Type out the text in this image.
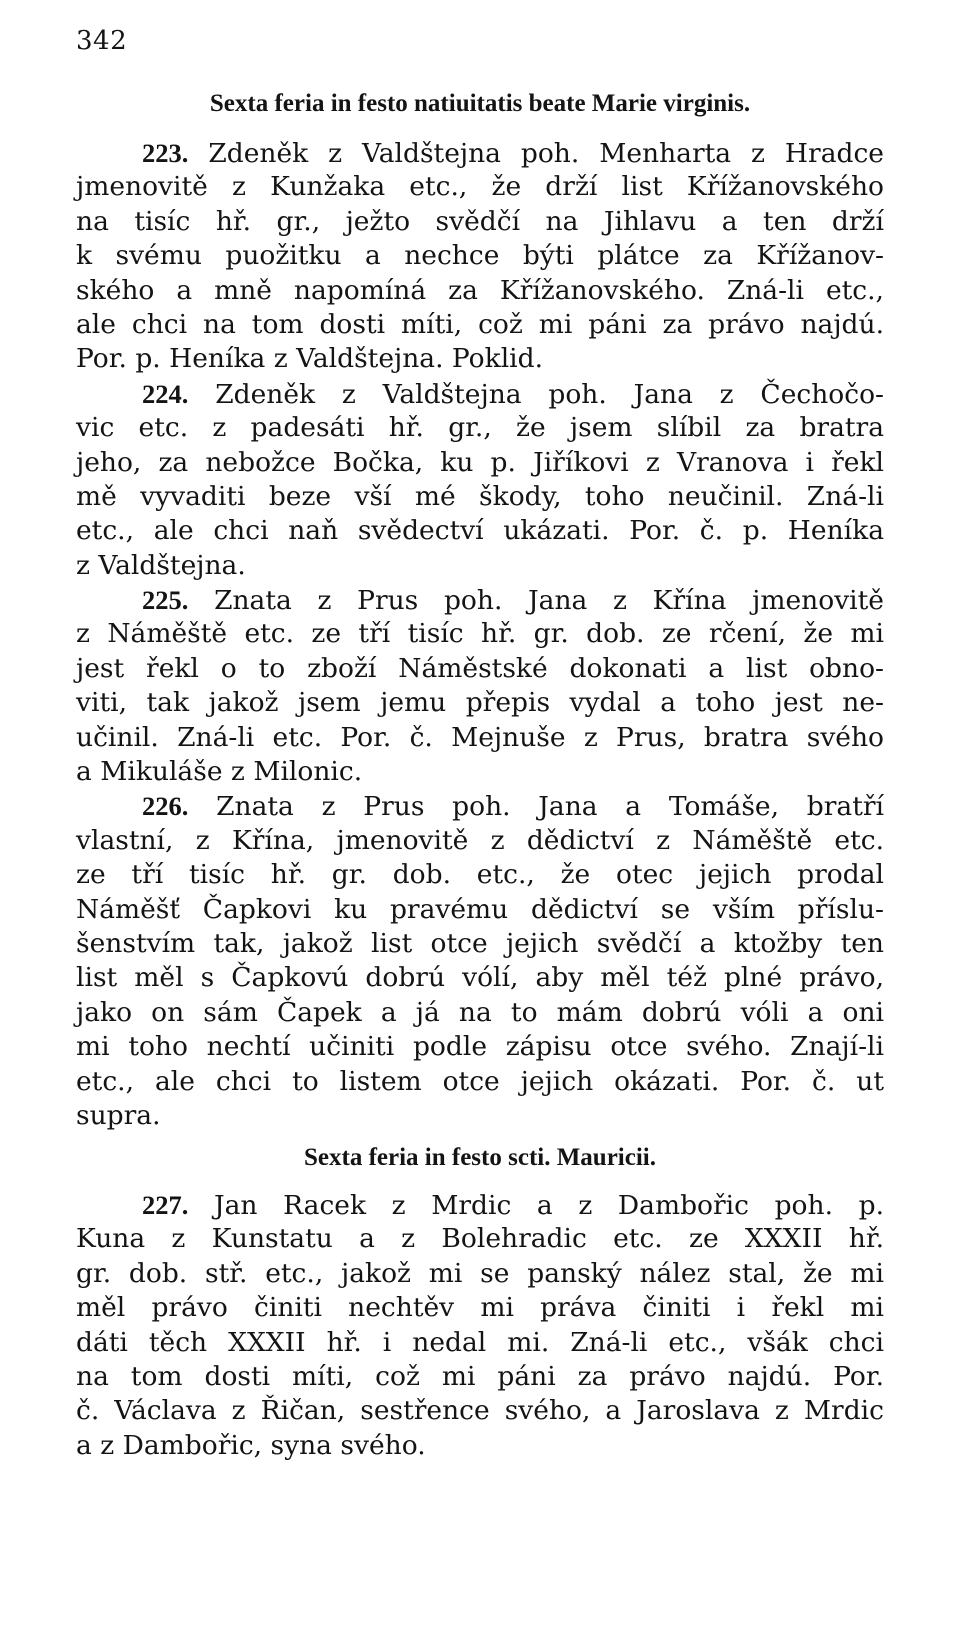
342
Sexta feria in festo natiuitatis beate Marie virginis.
223. Zdeněk z Valdštejna poh. Menharta z Hradce
jmenovitě z Kunžaka etc., že drží list Křížanovského
na tisíc hř. gr., ježto svědčí na Jihlavu a ten drží
k svému puožitku a nechce býti plátce za Křížanov-
ského a mně napomíná za Křížanovského. Zná-li etc.,
ale chci na tom dosti míti, což mi páni za právo najdú.
Por. p. Heníka z Valdštejna. Poklid.
224. Zdeněk z Valdštejna poh. Jana z Čechočo-
vic etc. z padesáti hř. gr., že jsem slíbil za bratra
jeho, za nebožce Bočka, ku p. Jiříkovi z Vranova i řekl
mě vyvaditi beze vší mé škody, toho neučinil. Zná-li
etc., ale chci naň svědectví ukázati. Por. č. p. Heníka
z Valdštejna.
225. Znata z Prus poh. Jana z Křína jmenovitě
z Náměště etc. ze tří tisíc hř. gr. dob. ze rčení, že mi
jest řekl o to zboží Náměstské dokonati a list obno-
viti, tak jakož jsem jemu přepis vydal a toho jest ne-
učinil. Zná-li etc. Por. č. Mejnuše z Prus, bratra svého
a Mikuláše z Milonic.
226. Znata z Prus poh. Jana a Tomáše, bratří
vlastní, z Křína, jmenovitě z dědictví z Náměště etc.
ze tří tisíc hř. gr. dob. etc., že otec jejich prodal
Náměšť Čapkovi ku pravému dědictví se vším příslu-
šenstvím tak, jakož list otce jejich svědčí a ktožby ten
list měl s Čapkovú dobrú vólí, aby měl též plné právo,
jako on sám Čapek a já na to mám dobrú vóli a oni
mi toho nechtí učiniti podle zápisu otce svého. Znají-li
etc., ale chci to listem otce jejich okázati. Por. č. ut
supra.
Sexta feria in festo scti. Mauricii.
227. Jan Racek z Mrdic a z Dambořic poh. p.
Kuna z Kunstatu a z Bolehradic etc. ze XXXII hř.
gr. dob. stř. etc., jakož mi se panský nález stal, že mi
měl právo činiti nechtěv mi práva činiti i řekl mi
dáti těch XXXII hř. i nedal mi. Zná-li etc., všák chci
na tom dosti míti, což mi páni za právo najdú. Por.
č. Václava z Řičan, sestřence svého, a Jaroslava z Mrdic
a z Dambořic, syna svého.
